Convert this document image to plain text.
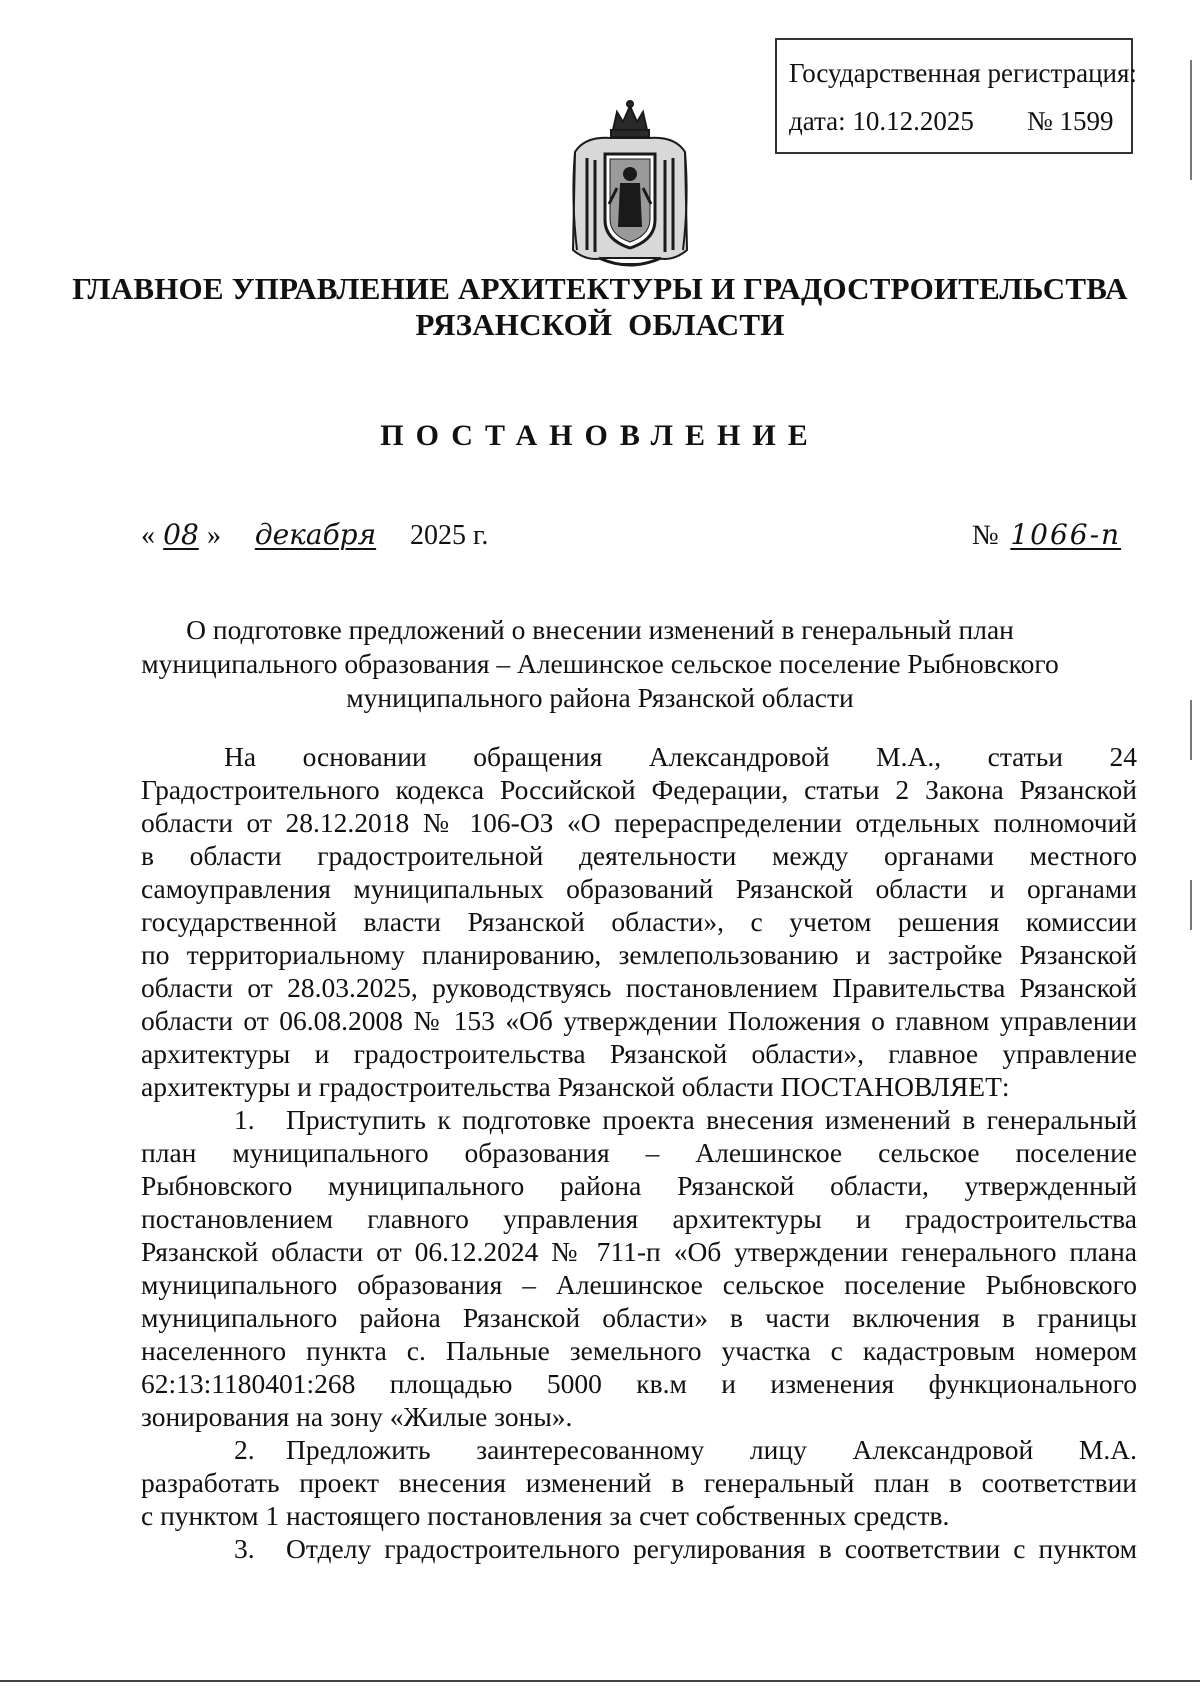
Государственная регистрация:
дата: 10.12.2025 № 1599
ГЛАВНОЕ УПРАВЛЕНИЕ АРХИТЕКТУРЫ И ГРАДОСТРОИТЕЛЬСТВА
РЯЗАНСКОЙ ОБЛАСТИ
ПОСТАНОВЛЕНИЕ
« 08 » декабря 2025 г.	№ 1066-п
О подготовке предложений о внесении изменений в генеральный план
муниципального образования – Алешинское сельское поселение Рыбновского
муниципального района Рязанской области
На основании обращения Александровой М.А., статьи 24
Градостроительного кодекса Российской Федерации, статьи 2 Закона Рязанской
области от 28.12.2018 № 106-ОЗ «О перераспределении отдельных полномочий
в области градостроительной деятельности между органами местного
самоуправления муниципальных образований Рязанской области и органами
государственной власти Рязанской области», с учетом решения комиссии
по территориальному планированию, землепользованию и застройке Рязанской
области от 28.03.2025, руководствуясь постановлением Правительства Рязанской
области от 06.08.2008 № 153 «Об утверждении Положения о главном управлении
архитектуры и градостроительства Рязанской области», главное управление
архитектуры и градостроительства Рязанской области ПОСТАНОВЛЯЕТ:
1. Приступить к подготовке проекта внесения изменений в генеральный
план муниципального образования – Алешинское сельское поселение
Рыбновского муниципального района Рязанской области, утвержденный
постановлением главного управления архитектуры и градостроительства
Рязанской области от 06.12.2024 № 711-п «Об утверждении генерального плана
муниципального образования – Алешинское сельское поселение Рыбновского
муниципального района Рязанской области» в части включения в границы
населенного пункта с. Пальные земельного участка с кадастровым номером
62:13:1180401:268 площадью 5000 кв.м и изменения функционального
зонирования на зону «Жилые зоны».
2. Предложить заинтересованному лицу Александровой М.А.
разработать проект внесения изменений в генеральный план в соответствии
с пунктом 1 настоящего постановления за счет собственных средств.
3. Отделу градостроительного регулирования в соответствии с пунктом
